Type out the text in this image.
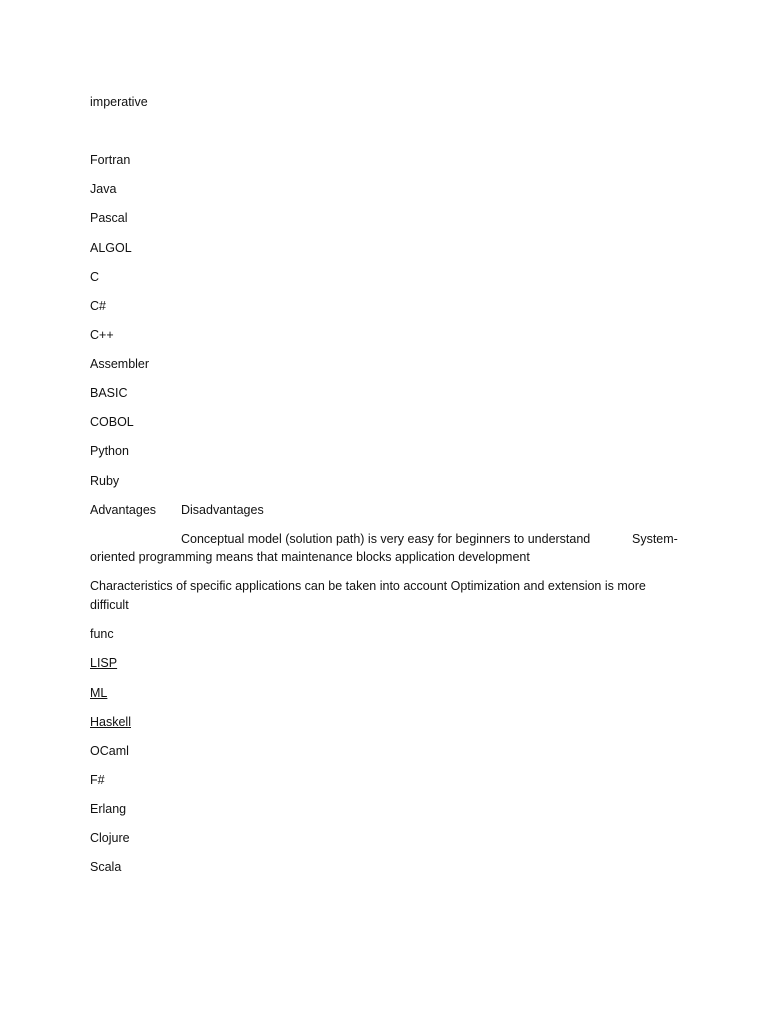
imperative
Fortran
Java
Pascal
ALGOL
C
C#
C++
Assembler
BASIC
COBOL
Python
Ruby
Advantages Disadvantages
Conceptual model (solution path) is very easy for beginners to understand	System-
oriented programming means that maintenance blocks application development
Characteristics of specific applications can be taken into account Optimization and extension is more
difficult
func
LISP
ML
Haskell
OCaml
F#
Erlang
Clojure
Scala
